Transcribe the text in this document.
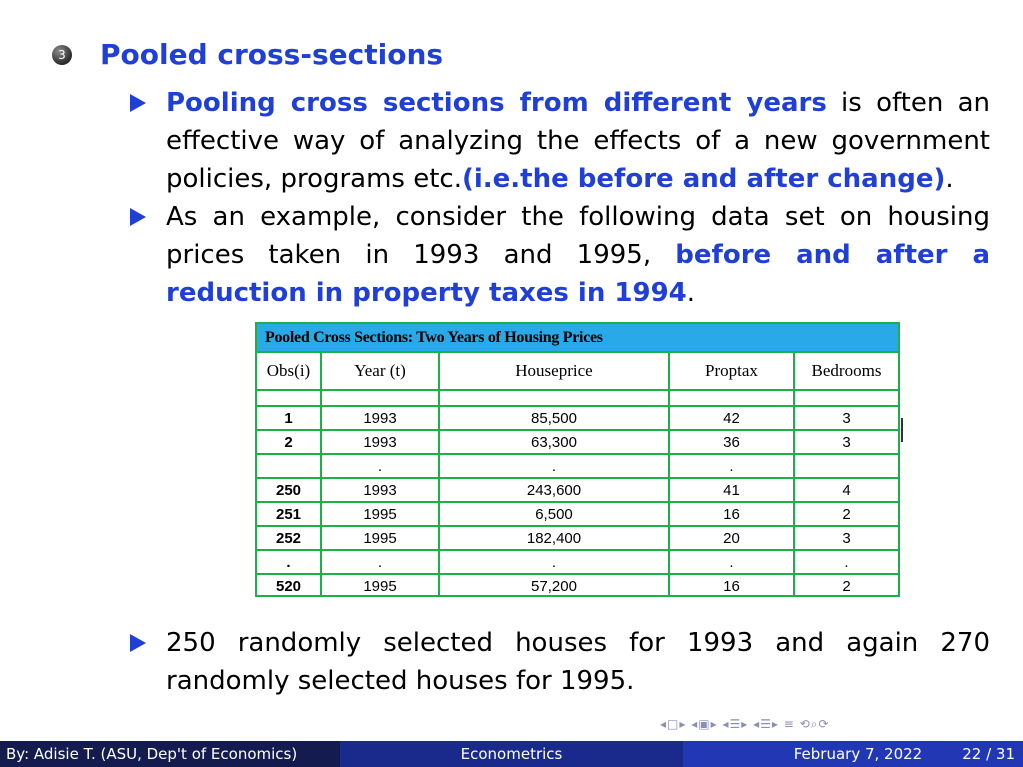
3 Pooled cross-sections
Pooling cross sections from different years is often an effective way of analyzing the effects of a new government policies, programs etc.(i.e.the before and after change).
As an example, consider the following data set on housing prices taken in 1993 and 1995, before and after a reduction in property taxes in 1994.
Pooled Cross Sections: Two Years of Housing Prices
Obs(i)	Year (t)	Houseprice	Proptax	Bedrooms

1	1993	85,500	42	3
2	1993	63,300	36	3
	.	.	.	
250	1993	243,600	41	4
251	1995	6,500	16	2
252	1995	182,400	20	3
.	.	.	.	.
520	1995	57,200	16	2
250 randomly selected houses for 1993 and again 270 randomly selected houses for 1995.
◂□▸ ◂▣▸ ◂☰▸ ◂☰▸ ≡ ⟲⌕⟳
By: Adisie T. (ASU, Dep't of Economics)	Econometrics	February 7, 2022	22 / 31
